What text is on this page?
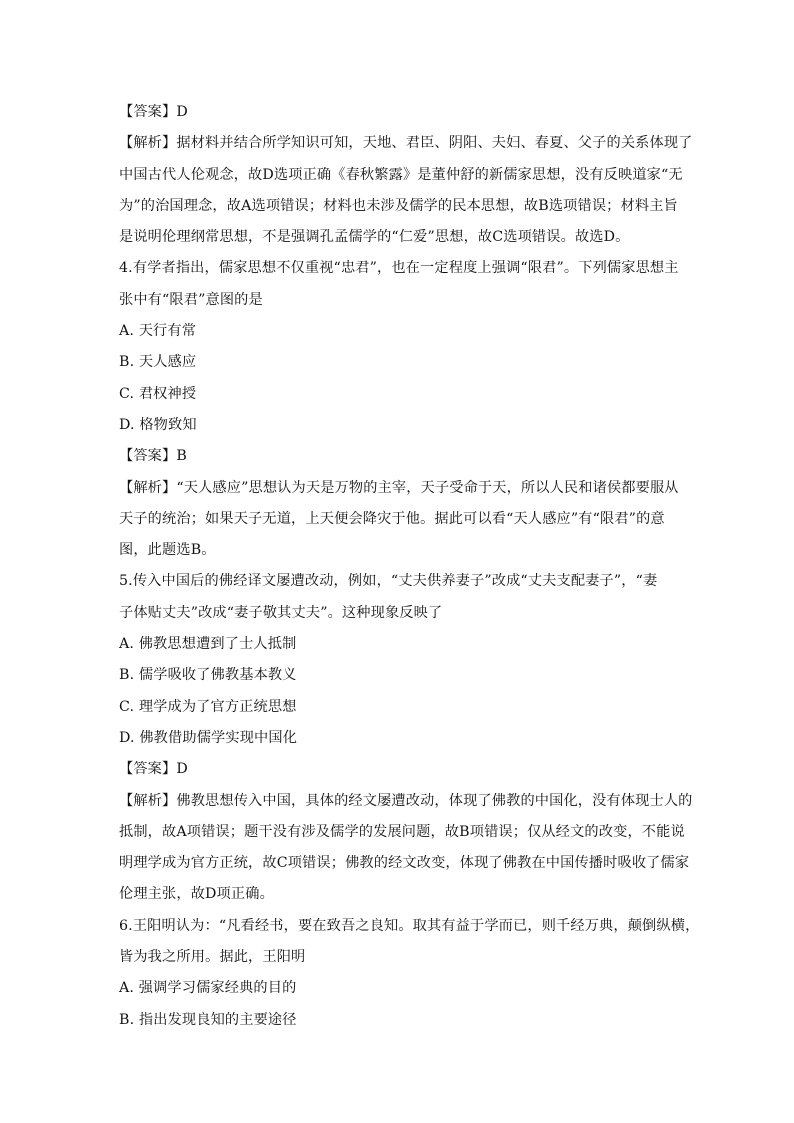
【答案】D
【解析】据材料并结合所学知识可知，天地、君臣、阴阳、夫妇、春夏、父子的关系体现了
中国古代人伦观念，故D选项正确《春秋繁露》是董仲舒的新儒家思想，没有反映道家“无
为”的治国理念，故A选项错误；材料也未涉及儒学的民本思想，故B选项错误；材料主旨
是说明伦理纲常思想，不是强调孔孟儒学的“仁爱”思想，故C选项错误。故选D。
4.有学者指出，儒家思想不仅重视“忠君”，也在一定程度上强调“限君”。下列儒家思想主
张中有“限君”意图的是
A. 天行有常
B. 天人感应
C. 君权神授
D. 格物致知
【答案】B
【解析】“天人感应”思想认为天是万物的主宰，天子受命于天，所以人民和诸侯都要服从
天子的统治；如果天子无道，上天便会降灾于他。据此可以看“天人感应”有“限君”的意
图，此题选B。
5.传入中国后的佛经译文屡遭改动，例如，“丈夫供养妻子”改成“丈夫支配妻子”，“妻
子体贴丈夫”改成“妻子敬其丈夫”。这种现象反映了
A. 佛教思想遭到了士人抵制
B. 儒学吸收了佛教基本教义
C. 理学成为了官方正统思想
D. 佛教借助儒学实现中国化
【答案】D
【解析】佛教思想传入中国，具体的经文屡遭改动，体现了佛教的中国化，没有体现士人的
抵制，故A项错误；题干没有涉及儒学的发展问题，故B项错误；仅从经文的改变，不能说
明理学成为官方正统，故C项错误；佛教的经文改变，体现了佛教在中国传播时吸收了儒家
伦理主张，故D项正确。
6.王阳明认为：“凡看经书，要在致吾之良知。取其有益于学而已，则千经万典，颠倒纵横，
皆为我之所用。据此，王阳明
A. 强调学习儒家经典的目的
B. 指出发现良知的主要途径
